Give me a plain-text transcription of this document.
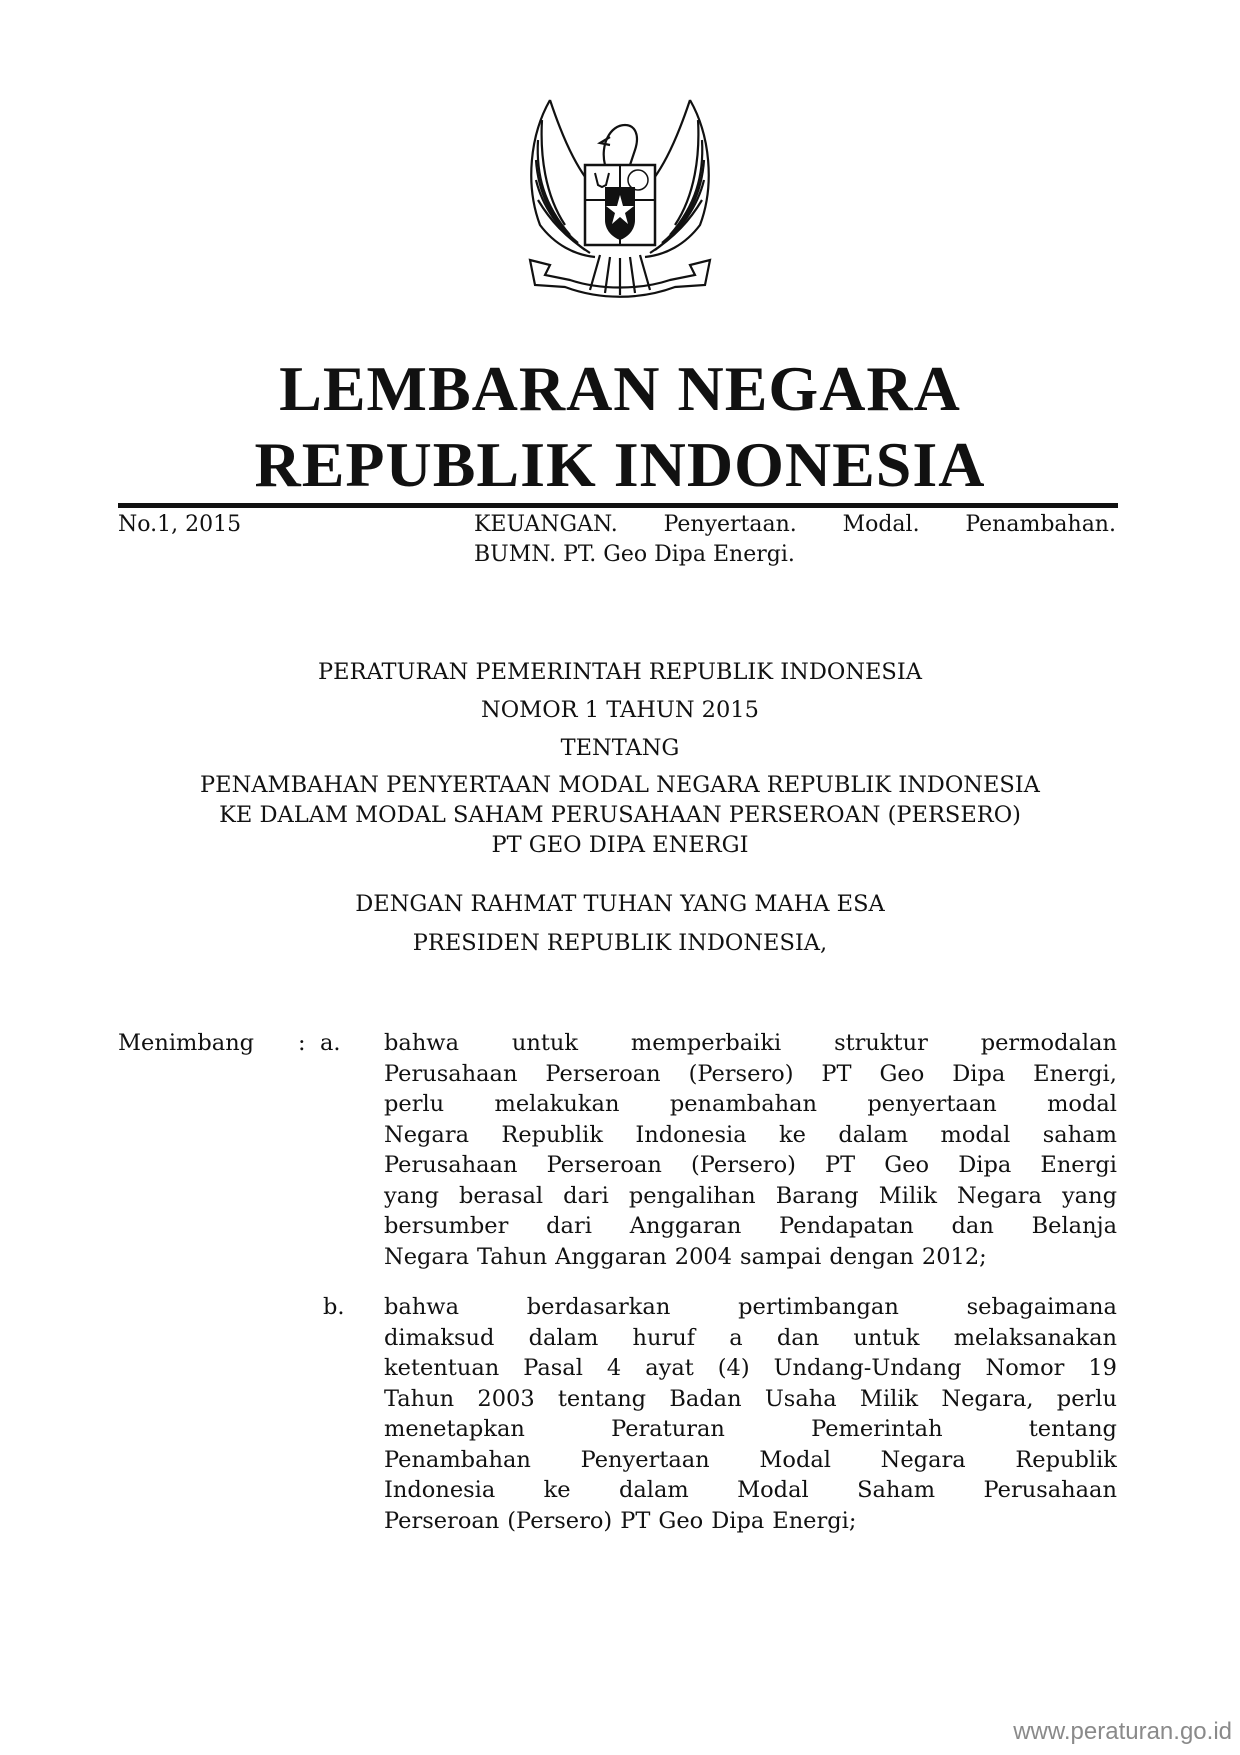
LEMBARAN NEGARA
REPUBLIK INDONESIA
No.1, 2015	KEUANGAN. Penyertaan. Modal. Penambahan.
BUMN. PT. Geo Dipa Energi.
PERATURAN PEMERINTAH REPUBLIK INDONESIA
NOMOR 1 TAHUN 2015
TENTANG
PENAMBAHAN PENYERTAAN MODAL NEGARA REPUBLIK INDONESIA
KE DALAM MODAL SAHAM PERUSAHAAN PERSEROAN (PERSERO)
PT GEO DIPA ENERGI
DENGAN RAHMAT TUHAN YANG MAHA ESA
PRESIDEN REPUBLIK INDONESIA,
Menimbang : a. bahwa untuk memperbaiki struktur permodalan
Perusahaan Perseroan (Persero) PT Geo Dipa Energi,
perlu melakukan penambahan penyertaan modal
Negara Republik Indonesia ke dalam modal saham
Perusahaan Perseroan (Persero) PT Geo Dipa Energi
yang berasal dari pengalihan Barang Milik Negara yang
bersumber dari Anggaran Pendapatan dan Belanja
Negara Tahun Anggaran 2004 sampai dengan 2012;
b. bahwa	berdasarkan	pertimbangan	sebagaimana
dimaksud dalam huruf a dan untuk melaksanakan
ketentuan Pasal 4 ayat (4) Undang-Undang Nomor 19
Tahun 2003 tentang Badan Usaha Milik Negara, perlu
menetapkan	Peraturan	Pemerintah	tentang
Penambahan Penyertaan Modal Negara Republik
Indonesia ke dalam Modal Saham Perusahaan
Perseroan (Persero) PT Geo Dipa Energi;
www.peraturan.go.id
